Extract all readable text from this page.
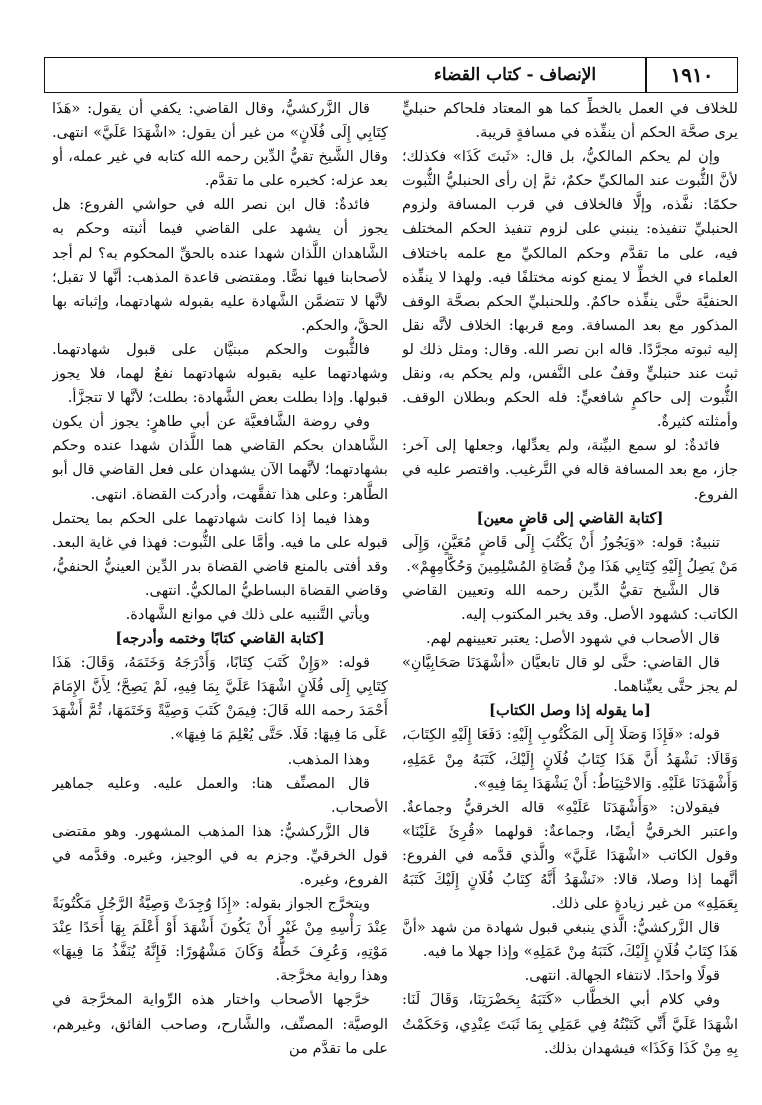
١٩١٠
الإنصاف - كتاب القضاء

للخلاف في العمل بالخطِّ كما هو المعتاد فلحاكم حنبليٍّ يرى صحَّة الحكم أن ينفِّذه في مسافةٍ قريبة.

وإن لم يحكم المالكيُّ، بل قال: «ثَبتَ كَذَا» فكذلك؛ لأنَّ الثُّبوت عند المالكيِّ حكمٌ، ثمَّ إن رأى الحنبليُّ الثُّبوت حكمًا: نفَّذه، وإلَّا فالخلاف في قرب المسافة ولزوم الحنبليِّ تنفيذه: ينبني على لزوم تنفيذ الحكم المختلف فيه، على ما تقدَّم وحكم المالكيِّ مع علمه باختلاف العلماء في الخطِّ لا يمنع كونه مختلفًا فيه. ولهذا لا ينفِّذه الحنفيَّة حتَّى ينفِّذه حاكمٌ. وللحنبليِّ الحكم بصحَّة الوقف المذكور مع بعد المسافة. ومع قربها: الخلاف لأنَّه نقل إليه ثبوته مجرَّدًا. قاله ابن نصر الله. وقال: ومثل ذلك لو ثبت عند حنبليٍّ وقفٌ على النَّفس، ولم يحكم به، ونقل الثُّبوت إلى حاكمٍ شافعيٍّ: فله الحكم وبطلان الوقف. وأمثلته كثيرةٌ.

فائدةٌ: لو سمع البيِّنة، ولم يعدِّلها، وجعلها إلى آخر: جاز، مع بعد المسافة قاله في التَّرغيب. واقتصر عليه في الفروع.

[كتابة القاضي إلى قاضٍ معين]

تنبيهٌ: قوله: «وَيَجُوزُ أَنْ يَكْتُبَ إِلَى قَاضٍ مُعَيَّنٍ، وَإِلَى مَنْ يَصِلُ إِلَيْهِ كِتَابِي هَذَا مِنْ قُضَاةِ المُسْلِمِينَ وَحُكَّامِهِمْ».

قال الشَّيخ تقيُّ الدِّين رحمه الله وتعيين القاضي الكاتب: كشهود الأصل. وقد يخبر المكتوب إليه.

قال الأصحاب في شهود الأصل: يعتبر تعيينهم لهم.

قال القاضي: حتَّى لو قال تابعيَّان «أشْهَدَنَا صَحَابِيَّانِ» لم يجز حتَّى يعيِّناهما.

[ما يقوله إذا وصل الكتاب]

قوله: «فَإِذَا وَصَلَا إِلَى المَكْتُوبِ إِلَيْهِ: دَفَعَا إِلَيْهِ الكِتَابَ، وَقَالَا: نَشْهَدُ أَنَّ هَذَا كِتَابُ فُلَانٍ إِلَيْكَ، كَتَبَهُ مِنْ عَمَلِهِ، وَأَشْهَدَنَا عَلَيْهِ. وَالاحْتِيَاطُ: أَنْ يَشْهَدَا بِمَا فِيهِ».

فيقولان: «وَأَشْهَدَنَا عَلَيْهِ» قاله الخرقيُّ وجماعةٌ. واعتبر الخرقيُّ أيضًا، وجماعةٌ: قولهما «قُرِئَ عَلَيْنَا» وقول الكاتب «اشْهَدَا عَلَيَّ» والَّذي قدَّمه في الفروع: أنَّهما إذا وصلا، قالا: «نَشْهَدُ أَنَّهُ كِتَابُ فُلَانٍ إِلَيْكَ كَتَبَهُ بِعَمَلِهِ» من غير زيادةٍ على ذلك.

قال الزَّركشيُّ: الَّذي ينبغي قبول شهادة من شهد «أنَّ هَذَا كِتَابُ فُلَانٍ إِلَيْكَ، كَتَبَهُ مِنْ عَمَلِهِ» وإذا جهلا ما فيه.

قولًا واحدًا. لانتفاء الجهالة. انتهى.

وفي كلام أبي الخطَّاب «كَتَبَهُ بِحَضْرَتِنَا، وَقَالَ لَنَا: اشْهَدَا عَلَيَّ أَنِّي كَتَبْتُهُ فِي عَمَلِي بِمَا ثَبَتَ عِنْدِي، وَحَكَمْتُ بِهِ مِنْ كَذَا وَكَذَا» فيشهدان بذلك.

قال الزَّركشيُّ، وقال القاضي: يكفي أن يقول: «هَذَا كِتَابِي إِلَى فُلَانٍ» من غير أن يقول: «اشْهَدَا عَلَيَّ» انتهى. وقال الشَّيخ تقيُّ الدِّين رحمه الله كتابه في غير عمله، أو بعد عزله: كخبره على ما تقدَّم.

فائدةٌ: قال ابن نصر الله في حواشي الفروع: هل يجوز أن يشهد على القاضي فيما أثبته وحكم به الشَّاهدان اللَّذان شهدا عنده بالحقِّ المحكوم به؟ لم أجد لأصحابنا فيها نصًّا. ومقتضى قاعدة المذهب: أنَّها لا تقبل؛ لأنَّها لا تتضمَّن الشَّهادة عليه بقبوله شهادتهما، وإثباته بها الحقَّ، والحكم.

فالثُّبوت والحكم مبنيَّان على قبول شهادتهما. وشهادتهما عليه بقبوله شهادتهما نفعٌ لهما، فلا يجوز قبولها. وإذا بطلت بعض الشَّهادة: بطلت؛ لأنَّها لا تتجزَّأ.

وفي روضة الشَّافعيَّة عن أبي طاهرٍ: يجوز أن يكون الشَّاهدان بحكم القاضي هما اللَّذان شهدا عنده وحكم بشهادتهما؛ لأنَّهما الآن يشهدان على فعل القاضي قال أبو الطَّاهر: وعلى هذا تفقَّهت، وأدركت القضاة. انتهى.

وهذا فيما إذا كانت شهادتهما على الحكم بما يحتمل قبوله على ما فيه. وأمَّا على الثُّبوت: فهذا في غاية البعد. وقد أفتى بالمنع قاضي القضاة بدر الدِّين العينيُّ الحنفيُّ، وقاضي القضاة البساطيُّ المالكيُّ. انتهى.

ويأتي التَّنبيه على ذلك في موانع الشَّهادة.

[كتابة القاضي كتابًا وختمه وأدرجه]

قوله: «وَإِنْ كَتَبَ كِتَابًا، وَأَدْرَجَهُ وَخَتَمَهُ، وَقَالَ: هَذَا كِتَابِي إِلَى فُلَانٍ اشْهَدَا عَلَيَّ بِمَا فِيهِ، لَمْ يَصِحَّ؛ لِأَنَّ الإِمَامَ أَحْمَدَ رحمه الله قَالَ: فِيمَنْ كَتَبَ وَصِيَّةً وَخَتَمَهَا، ثُمَّ أَشْهَدَ عَلَى مَا فِيهَا: فَلَا. حَتَّى يُعْلِمَ مَا فِيهَا».

وهذا المذهب.

قال المصنِّف هنا: والعمل عليه. وعليه جماهير الأصحاب.

قال الزَّركشيُّ: هذا المذهب المشهور. وهو مقتضى قول الخرقيِّ. وجزم به في الوجيز، وغيره. وقدَّمه في الفروع، وغيره.

ويتخرَّج الجواز بقوله: «إِذَا وُجِدَتْ وَصِيَّةُ الرَّجُلِ مَكْتُوبَةً عِنْدَ رَأْسِهِ مِنْ غَيْرِ أَنْ يَكُونَ أَشْهَدَ أَوْ أَعْلَمَ بِهَا أَحَدًا عِنْدَ مَوْتِهِ، وَعُرِفَ خَطُّهُ وَكَانَ مَشْهُورًا: فَإِنَّهُ يُنَفَّذُ مَا فِيهَا» وهذا رواية مخرَّجة.

خرَّجها الأصحاب واختار هذه الرِّواية المخرَّجة في الوصيَّة: المصنِّف، والشَّارح، وصاحب الفائق، وغيرهم، على ما تقدَّم من
